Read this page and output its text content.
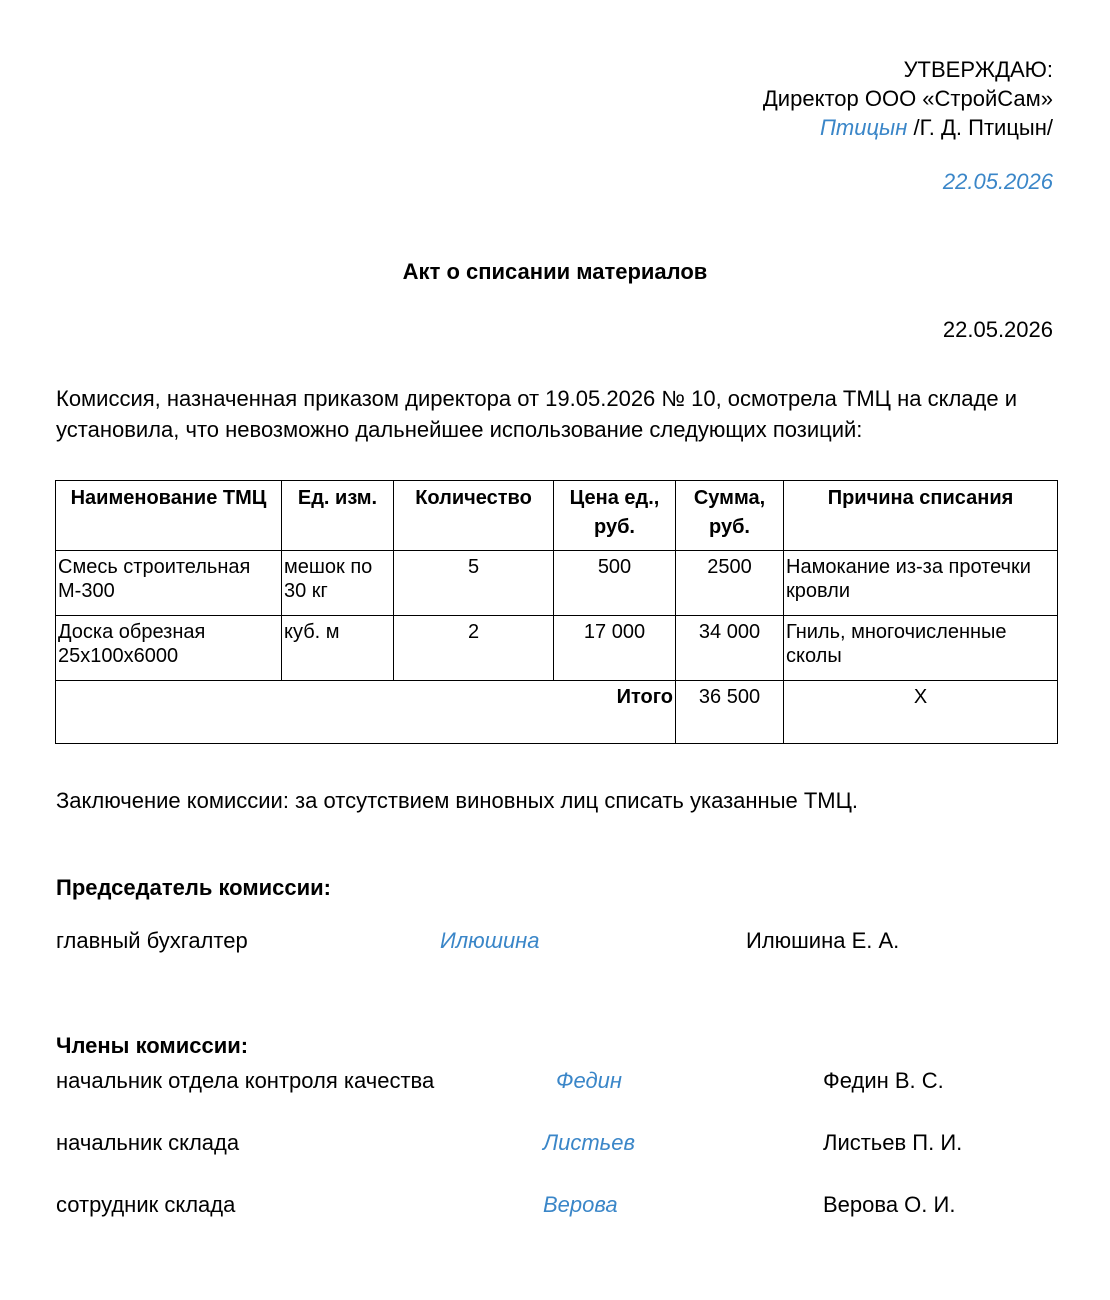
УТВЕРЖДАЮ:
Директор ООО «СтройСам»
Птицын /Г. Д. Птицын/
22.05.2026
Акт о списании материалов
22.05.2026
Комиссия, назначенная приказом директора от 19.05.2026 № 10, осмотрела ТМЦ на складе и установила, что невозможно дальнейшее использование следующих позиций:
Наименование ТМЦ	Ед. изм.	Количество	Цена ед., руб.	Сумма, руб.	Причина списания
Смесь строительная М-300	мешок по 30 кг	5	500	2500	Намокание из-за протечки кровли
Доска обрезная 25х100х6000	куб. м	2	17 000	34 000	Гниль, многочисленные сколы
Итого				36 500	X
Заключение комиссии: за отсутствием виновных лиц списать указанные ТМЦ.
Председатель комиссии:
главный бухгалтер	Илюшина	Илюшина Е. А.
Члены комиссии:
начальник отдела контроля качества	Федин	Федин В. С.
начальник склада	Листьев	Листьев П. И.
сотрудник склада	Верова	Верова О. И.
